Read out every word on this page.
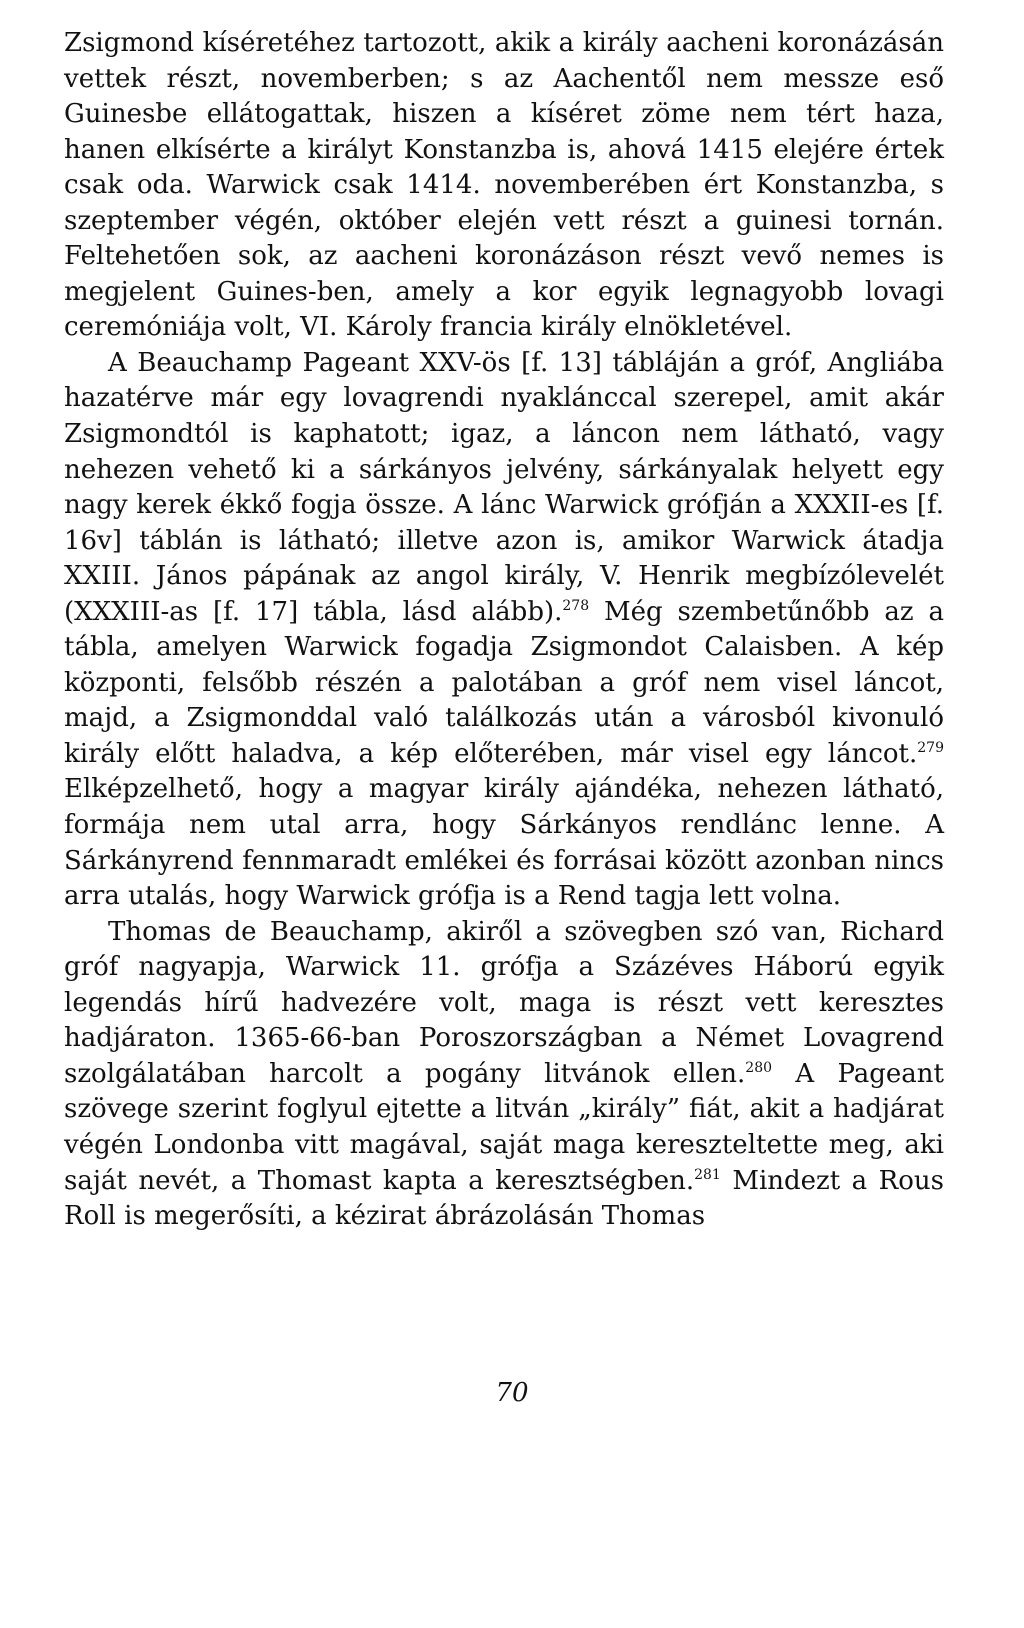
Zsigmond kíséretéhez tartozott, akik a király aacheni koronázásán vettek részt, novemberben; s az Aachentől nem messze eső Guinesbe ellátogattak, hiszen a kíséret zöme nem tért haza, hanen elkísérte a királyt Konstanzba is, ahová 1415 elejére értek csak oda. Warwick csak 1414. novemberében ért Konstanzba, s szeptember végén, október elején vett részt a guinesi tornán. Feltehetően sok, az aacheni koronázáson részt vevő nemes is megjelent Guines-ben, amely a kor egyik legnagyobb lovagi ceremóniája volt, VI. Károly francia király elnökletével.

A Beauchamp Pageant XXV-ös [f. 13] tábláján a gróf, Angliába hazatérve már egy lovagrendi nyaklánccal szerepel, amit akár Zsigmondtól is kaphatott; igaz, a láncon nem látható, vagy nehezen vehető ki a sárkányos jelvény, sárkányalak helyett egy nagy kerek ékkő fogja össze. A lánc Warwick grófján a XXXII-es [f. 16v] táblán is látható; illetve azon is, amikor Warwick átadja XXIII. János pápának az angol király, V. Henrik megbízólevelét (XXXIII-as [f. 17] tábla, lásd alább).$^{278}$ Még szembetűnőbb az a tábla, amelyen Warwick fogadja Zsigmondot Calaisben. A kép központi, felsőbb részén a palotában a gróf nem visel láncot, majd, a Zsigmonddal való találkozás után a városból kivonuló király előtt haladva, a kép előterében, már visel egy láncot.$^{279}$ Elképzelhető, hogy a magyar király ajándéka, nehezen látható, formája nem utal arra, hogy Sárkányos rendlánc lenne. A Sárkányrend fennmaradt emlékei és forrásai között azonban nincs arra utalás, hogy Warwick grófja is a Rend tagja lett volna.

Thomas de Beauchamp, akiről a szövegben szó van, Richard gróf nagyapja, Warwick 11. grófja a Százéves Háború egyik legendás hírű hadvezére volt, maga is részt vett keresztes hadjáraton. 1365-66-ban Poroszországban a Német Lovagrend szolgálatában harcolt a pogány litvánok ellen.$^{280}$ A Pageant szövege szerint foglyul ejtette a litván „király” fiát, akit a hadjárat végén Londonba vitt magával, saját maga kereszteltette meg, aki saját nevét, a Thomast kapta a keresztségben.$^{281}$ Mindezt a Rous Roll is megerősíti, a kézirat ábrázolásán Thomas

70
